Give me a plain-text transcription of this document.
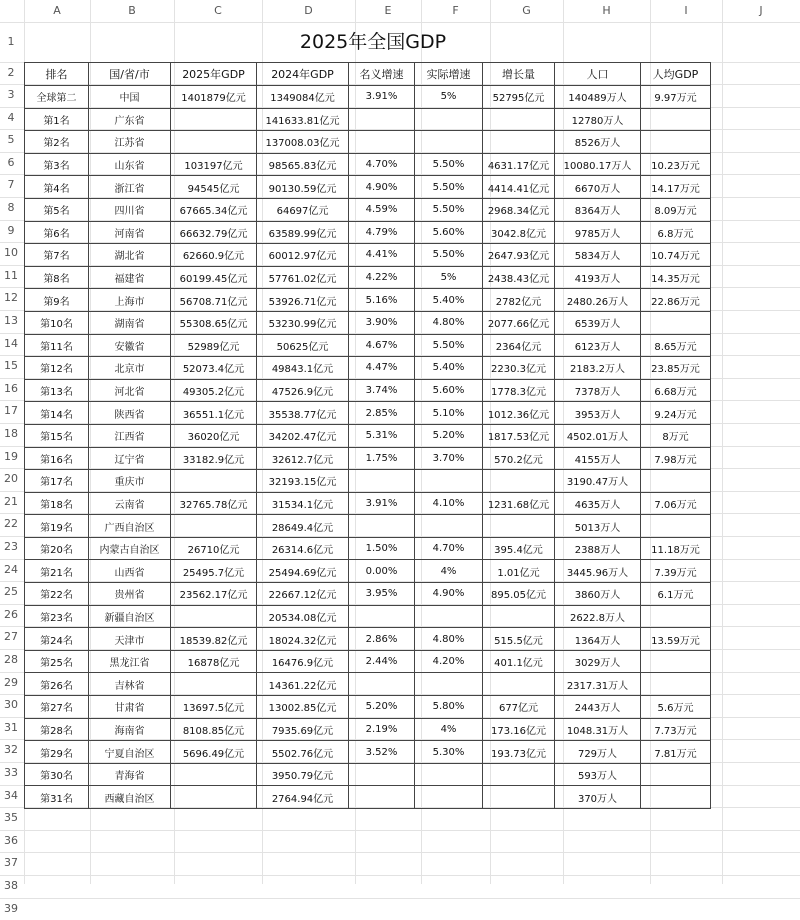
A	B	C	D	E	F	G	H	I	J
1
2
3
4
5
6
7
8
9
10
11
12
13
14
15
16
17
18
19
20
21
22
23
24
25
26
27
28
29
30
31
32
33
34
35
36
37
38
39
2025年全国GDP
排名	国/省/市	2025年GDP	2024年GDP	名义增速	实际增速	增长量	人口	人均GDP
全球第二	中国	1401879亿元	1349084亿元	3.91%	5%	52795亿元	140489万人	9.97万元
第1名	广东省		141633.81亿元				12780万人	
第2名	江苏省		137008.03亿元				8526万人	
第3名	山东省	103197亿元	98565.83亿元	4.70%	5.50%	4631.17亿元	10080.17万人	10.23万元
第4名	浙江省	94545亿元	90130.59亿元	4.90%	5.50%	4414.41亿元	6670万人	14.17万元
第5名	四川省	67665.34亿元	64697亿元	4.59%	5.50%	2968.34亿元	8364万人	8.09万元
第6名	河南省	66632.79亿元	63589.99亿元	4.79%	5.60%	3042.8亿元	9785万人	6.8万元
第7名	湖北省	62660.9亿元	60012.97亿元	4.41%	5.50%	2647.93亿元	5834万人	10.74万元
第8名	福建省	60199.45亿元	57761.02亿元	4.22%	5%	2438.43亿元	4193万人	14.35万元
第9名	上海市	56708.71亿元	53926.71亿元	5.16%	5.40%	2782亿元	2480.26万人	22.86万元
第10名	湖南省	55308.65亿元	53230.99亿元	3.90%	4.80%	2077.66亿元	6539万人	
第11名	安徽省	52989亿元	50625亿元	4.67%	5.50%	2364亿元	6123万人	8.65万元
第12名	北京市	52073.4亿元	49843.1亿元	4.47%	5.40%	2230.3亿元	2183.2万人	23.85万元
第13名	河北省	49305.2亿元	47526.9亿元	3.74%	5.60%	1778.3亿元	7378万人	6.68万元
第14名	陕西省	36551.1亿元	35538.77亿元	2.85%	5.10%	1012.36亿元	3953万人	9.24万元
第15名	江西省	36020亿元	34202.47亿元	5.31%	5.20%	1817.53亿元	4502.01万人	8万元
第16名	辽宁省	33182.9亿元	32612.7亿元	1.75%	3.70%	570.2亿元	4155万人	7.98万元
第17名	重庆市		32193.15亿元				3190.47万人	
第18名	云南省	32765.78亿元	31534.1亿元	3.91%	4.10%	1231.68亿元	4635万人	7.06万元
第19名	广西自治区		28649.4亿元				5013万人	
第20名	内蒙古自治区	26710亿元	26314.6亿元	1.50%	4.70%	395.4亿元	2388万人	11.18万元
第21名	山西省	25495.7亿元	25494.69亿元	0.00%	4%	1.01亿元	3445.96万人	7.39万元
第22名	贵州省	23562.17亿元	22667.12亿元	3.95%	4.90%	895.05亿元	3860万人	6.1万元
第23名	新疆自治区		20534.08亿元				2622.8万人	
第24名	天津市	18539.82亿元	18024.32亿元	2.86%	4.80%	515.5亿元	1364万人	13.59万元
第25名	黑龙江省	16878亿元	16476.9亿元	2.44%	4.20%	401.1亿元	3029万人	
第26名	吉林省		14361.22亿元				2317.31万人	
第27名	甘肃省	13697.5亿元	13002.85亿元	5.20%	5.80%	677亿元	2443万人	5.6万元
第28名	海南省	8108.85亿元	7935.69亿元	2.19%	4%	173.16亿元	1048.31万人	7.73万元
第29名	宁夏自治区	5696.49亿元	5502.76亿元	3.52%	5.30%	193.73亿元	729万人	7.81万元
第30名	青海省		3950.79亿元				593万人	
第31名	西藏自治区		2764.94亿元				370万人	
